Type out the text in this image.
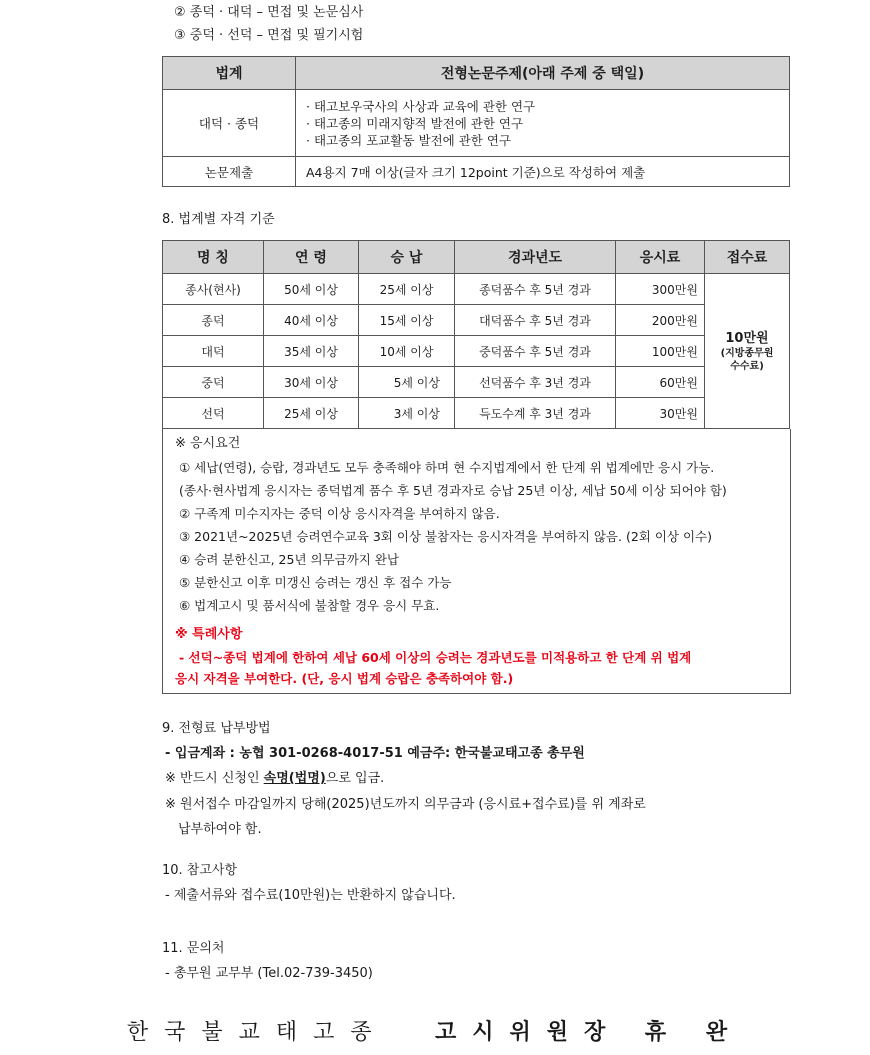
② 종덕 · 대덕 – 면접 및 논문심사
③ 중덕 · 선덕 – 면접 및 필기시험
법계	전형논문주제(아래 주제 중 택일)
대덕 · 종덕	· 태고보우국사의 사상과 교육에 관한 연구
· 태고종의 미래지향적 발전에 관한 연구
· 태고종의 포교활동 발전에 관한 연구

논문제출	A4용지 7매 이상(글자 크기 12point 기준)으로 작성하여 제출
8. 법계별 자격 기준
명 칭	연 령	승 납	경과년도	응시료	접수료
종사(현사)	50세 이상	25세 이상	종덕품수 후 5년 경과	300만원	10만원
(지방종무원
수수료)

종덕	40세 이상	15세 이상	대덕품수 후 5년 경과	200만원	
대덕	35세 이상	10세 이상	중덕품수 후 5년 경과	100만원	
중덕	30세 이상	5세 이상	선덕품수 후 3년 경과	60만원	
선덕	25세 이상	3세 이상	득도수계 후 3년 경과	30만원	
※ 응시요건
① 세납(연령), 승랍, 경과년도 모두 충족해야 하며 현 수지법계에서 한 단계 위 법계에만 응시 가능.
(종사·현사법계 응시자는 종덕법계 품수 후 5년 경과자로 승납 25년 이상, 세납 50세 이상 되어야 함)
② 구족계 미수지자는 중덕 이상 응시자격을 부여하지 않음.
③ 2021년~2025년 승려연수교육 3회 이상 불참자는 응시자격을 부여하지 않음. (2회 이상 이수)
④ 승려 분한신고, 25년 의무금까지 완납
⑤ 분한신고 이후 미갱신 승려는 갱신 후 접수 가능
⑥ 법계고시 및 품서식에 불참할 경우 응시 무효.
※ 특례사항
- 선덕~종덕 법계에 한하여 세납 60세 이상의 승려는 경과년도를 미적용하고 한 단계 위 법계
응시 자격을 부여한다. (단, 응시 법계 승랍은 충족하여야 함.)
9. 전형료 납부방법
- 입금계좌 : 농협 301-0268-4017-51 예금주: 한국불교태고종 총무원
※ 반드시 신청인 속명(법명)으로 입금.
※ 원서접수 마감일까지 당해(2025)년도까지 의무금과 (응시료+접수료)를 위 계좌로
납부하여야 함.
10. 참고사항
- 제출서류와 접수료(10만원)는 반환하지 않습니다.
11. 문의처
- 총무원 교무부 (Tel.02-739-3450)
한국불교태고종 고시위원장 휴 완
